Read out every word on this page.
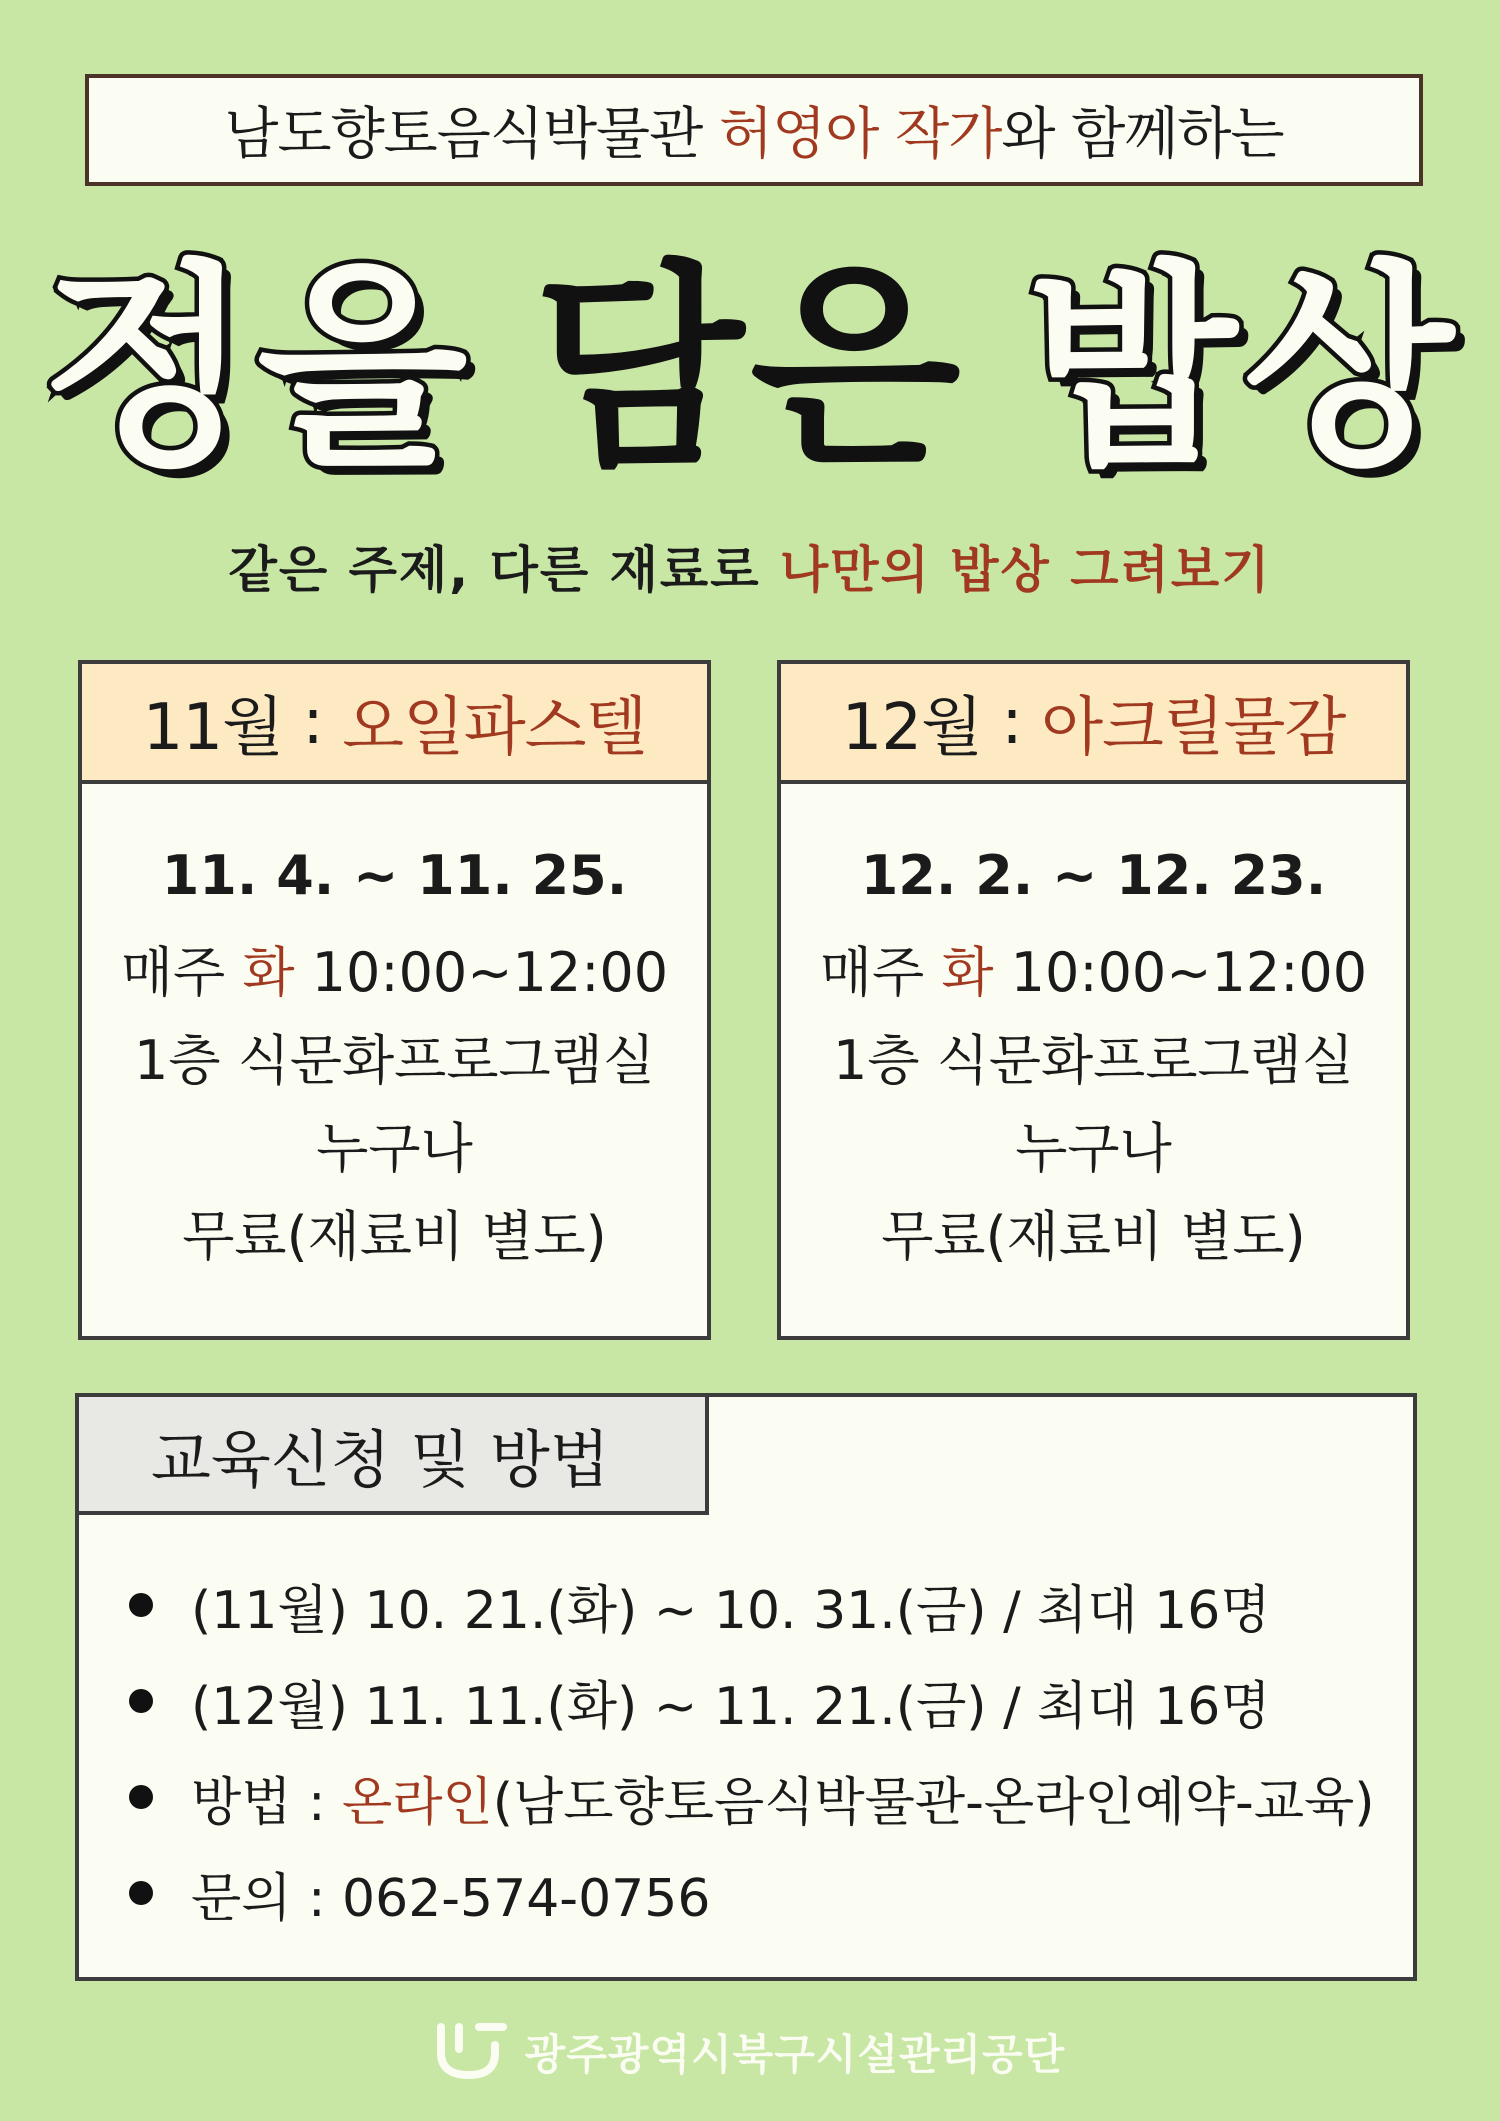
남도향토음식박물관 허영아 작가 와 함께하는
정을 담은 밥상
같은 주제, 다른 재료로 나만의 밥상 그려보기
11월 : 오일파스텔
11. 4. ~ 11. 25.
매주 화 10:00~12:00
1층 식문화프로그램실
누구나
무료(재료비 별도)
12월 : 아크릴물감
12. 2. ~ 12. 23.
매주 화 10:00~12:00
1층 식문화프로그램실
누구나
무료(재료비 별도)
교육신청 및 방법
(11월) 10. 21.(화) ~ 10. 31.(금) / 최대 16명
(12월) 11. 11.(화) ~ 11. 21.(금) / 최대 16명
방법 : 온라인 (남도향토음식박물관-온라인예약-교육)
문의 : 062-574-0756
광주광역시북구시설관리공단
